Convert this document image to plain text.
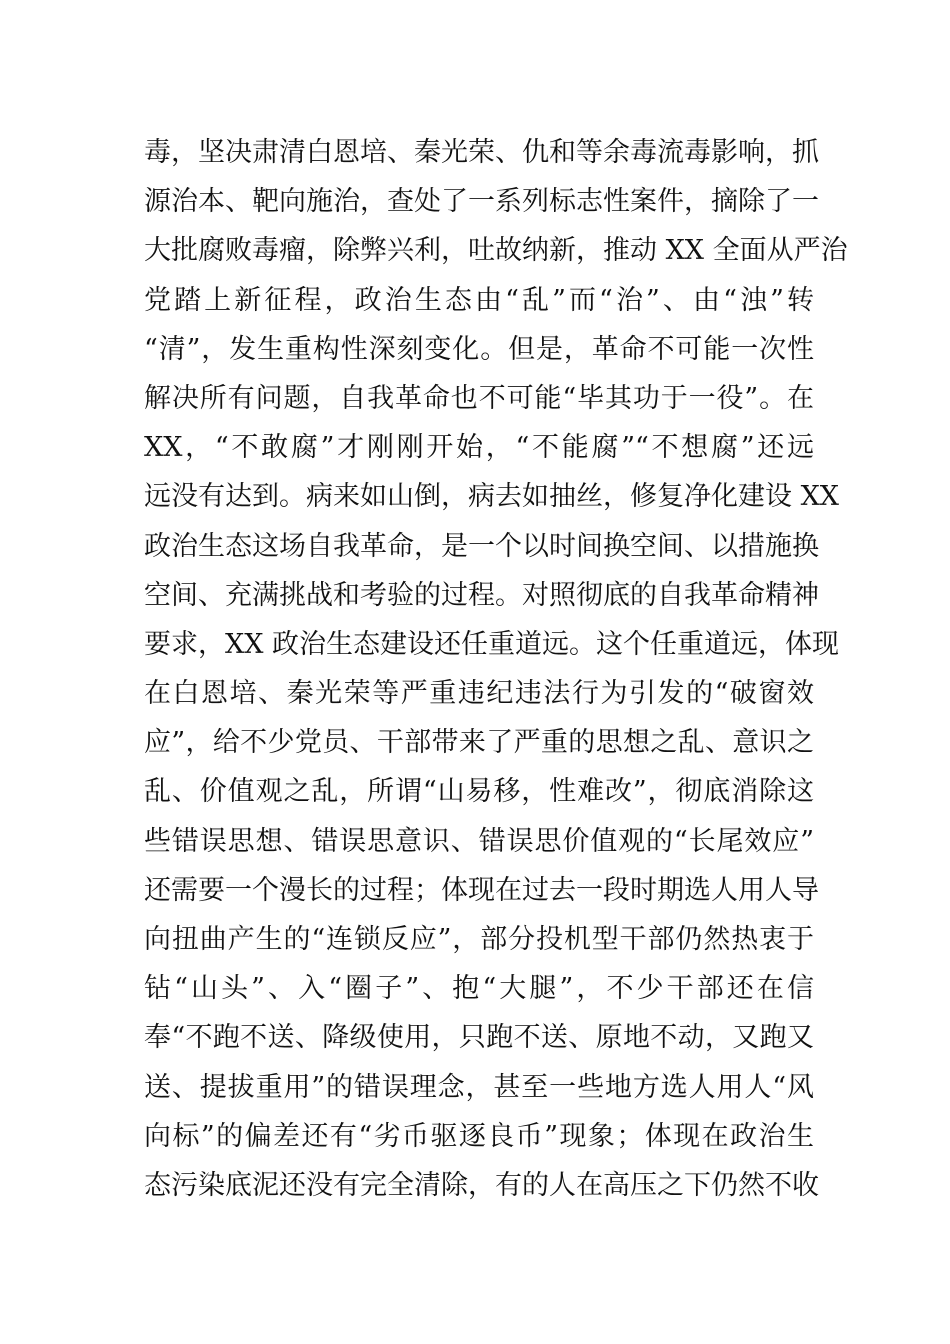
毒，坚决肃清白恩培、秦光荣、仇和等余毒流毒影响，抓
源治本、靶向施治，查处了一系列标志性案件，摘除了一
大批腐败毒瘤，除弊兴利，吐故纳新，推动 XX 全面从严治
党踏上新征程，政治生态由“乱”而“治”、由“浊”转
“清”，发生重构性深刻变化。但是，革命不可能一次性
解决所有问题，自我革命也不可能“毕其功于一役”。在
XX，“不敢腐”才刚刚开始，“不能腐”“不想腐”还远
远没有达到。病来如山倒，病去如抽丝，修复净化建设 XX
政治生态这场自我革命，是一个以时间换空间、以措施换
空间、充满挑战和考验的过程。对照彻底的自我革命精神
要求，XX 政治生态建设还任重道远。这个任重道远，体现
在白恩培、秦光荣等严重违纪违法行为引发的“破窗效
应”，给不少党员、干部带来了严重的思想之乱、意识之
乱、价值观之乱，所谓“山易移，性难改”，彻底消除这
些错误思想、错误思意识、错误思价值观的“长尾效应”
还需要一个漫长的过程；体现在过去一段时期选人用人导
向扭曲产生的“连锁反应”，部分投机型干部仍然热衷于
钻“山头”、入“圈子”、抱“大腿”，不少干部还在信
奉“不跑不送、降级使用，只跑不送、原地不动，又跑又
送、提拔重用”的错误理念，甚至一些地方选人用人“风
向标”的偏差还有“劣币驱逐良币”现象；体现在政治生
态污染底泥还没有完全清除，有的人在高压之下仍然不收
